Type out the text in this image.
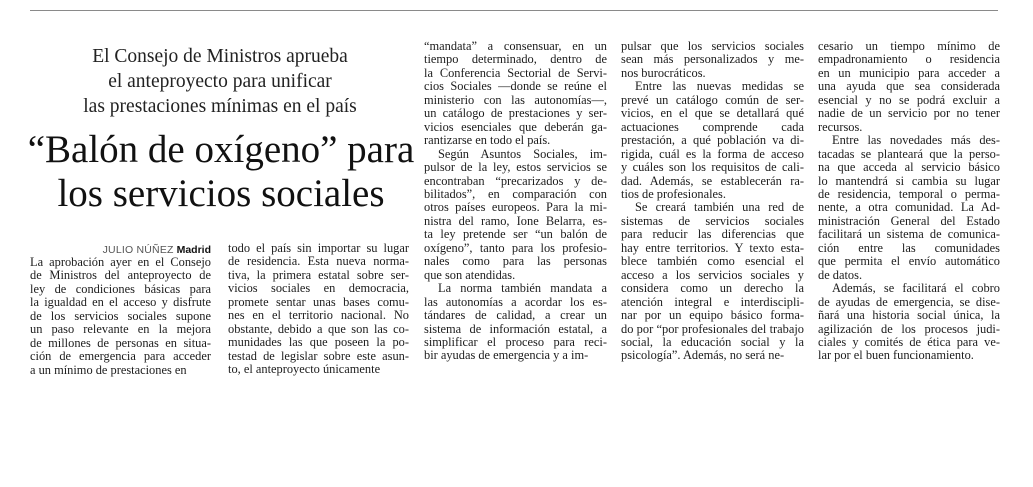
El Consejo de Ministros aprueba
el anteproyecto para unificar
las prestaciones mínimas en el país
“Balón de oxígeno” para
los servicios sociales
JULIO NÚÑEZ Madrid
La aprobación ayer en el Consejo
de Ministros del anteproyecto de
ley de condiciones básicas para
la igualdad en el acceso y disfrute
de los servicios sociales supone
un paso relevante en la mejora
de millones de personas en situa-
ción de emergencia para acceder
a un mínimo de prestaciones en
todo el país sin importar su lugar
de residencia. Esta nueva norma-
tiva, la primera estatal sobre ser-
vicios sociales en democracia,
promete sentar unas bases comu-
nes en el territorio nacional. No
obstante, debido a que son las co-
munidades las que poseen la po-
testad de legislar sobre este asun-
to, el anteproyecto únicamente
“mandata” a consensuar, en un
tiempo determinado, dentro de
la Conferencia Sectorial de Servi-
cios Sociales —donde se reúne el
ministerio con las autonomías—,
un catálogo de prestaciones y ser-
vicios esenciales que deberán ga-
rantizarse en todo el país.
Según Asuntos Sociales, im-
pulsor de la ley, estos servicios se
encontraban “precarizados y de-
bilitados”, en comparación con
otros países europeos. Para la mi-
nistra del ramo, Ione Belarra, es-
ta ley pretende ser “un balón de
oxígeno”, tanto para los profesio-
nales como para las personas
que son atendidas.
La norma también mandata a
las autonomías a acordar los es-
tándares de calidad, a crear un
sistema de información estatal, a
simplificar el proceso para reci-
bir ayudas de emergencia y a im-
pulsar que los servicios sociales
sean más personalizados y me-
nos burocráticos.
Entre las nuevas medidas se
prevé un catálogo común de ser-
vicios, en el que se detallará qué
actuaciones comprende cada
prestación, a qué población va di-
rigida, cuál es la forma de acceso
y cuáles son los requisitos de cali-
dad. Además, se establecerán ra-
tios de profesionales.
Se creará también una red de
sistemas de servicios sociales
para reducir las diferencias que
hay entre territorios. Y texto esta-
blece también como esencial el
acceso a los servicios sociales y
considera como un derecho la
atención integral e interdiscipli-
nar por un equipo básico forma-
do por “por profesionales del trabajo
social, la educación social y la
psicología”. Además, no será ne-
cesario un tiempo mínimo de
empadronamiento o residencia
en un municipio para acceder a
una ayuda que sea considerada
esencial y no se podrá excluir a
nadie de un servicio por no tener
recursos.
Entre las novedades más des-
tacadas se planteará que la perso-
na que acceda al servicio básico
lo mantendrá si cambia su lugar
de residencia, temporal o perma-
nente, a otra comunidad. La Ad-
ministración General del Estado
facilitará un sistema de comunica-
ción entre las comunidades
que permita el envío automático
de datos.
Además, se facilitará el cobro
de ayudas de emergencia, se dise-
ñará una historia social única, la
agilización de los procesos judi-
ciales y comités de ética para ve-
lar por el buen funcionamiento.
